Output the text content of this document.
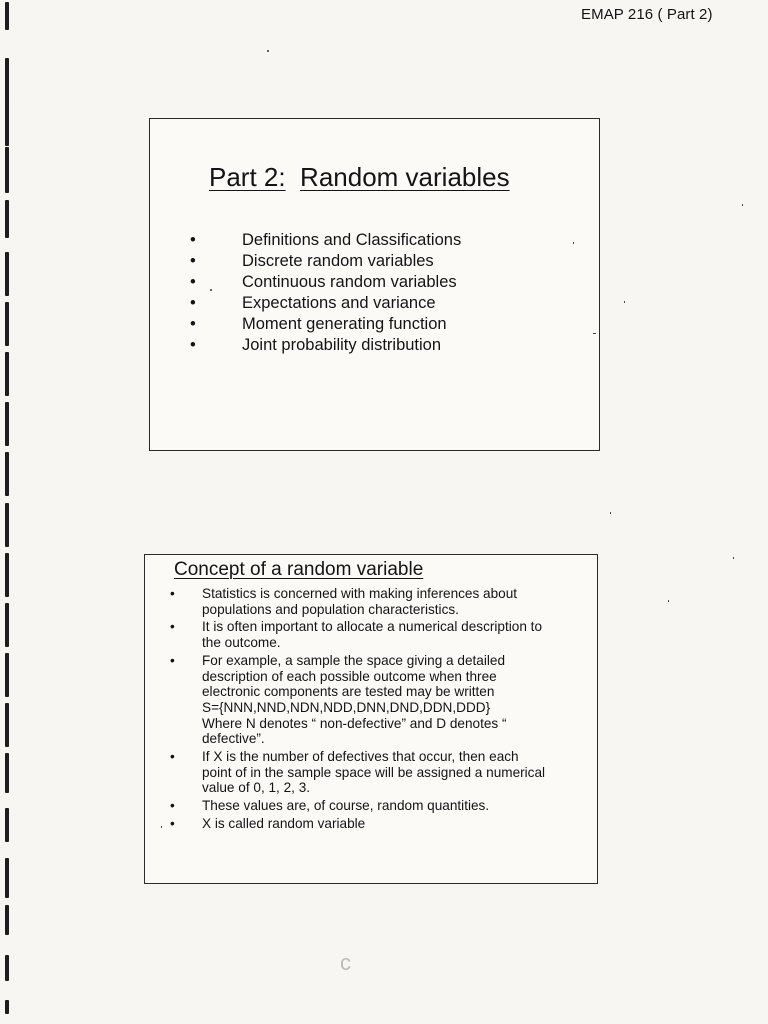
EMAP 216 ( Part 2)
Part 2: Random variables
•	Definitions and Classifications
•	Discrete random variables
•	Continuous random variables
•	Expectations and variance
•	Moment generating function
•	Joint probability distribution
Concept of a random variable
• Statistics is concerned with making inferences about
populations and population characteristics.
• It is often important to allocate a numerical description to
the outcome.
• For example, a sample the space giving a detailed
description of each possible outcome when three
electronic components are tested may be written
S={NNN,NND,NDN,NDD,DNN,DND,DDN,DDD}
Where N denotes “ non-defective” and D denotes “
defective”.
• If X is the number of defectives that occur, then each
point of in the sample space will be assigned a numerical
value of 0, 1, 2, 3.
• These values are, of course, random quantities.
• X is called random variable
c
